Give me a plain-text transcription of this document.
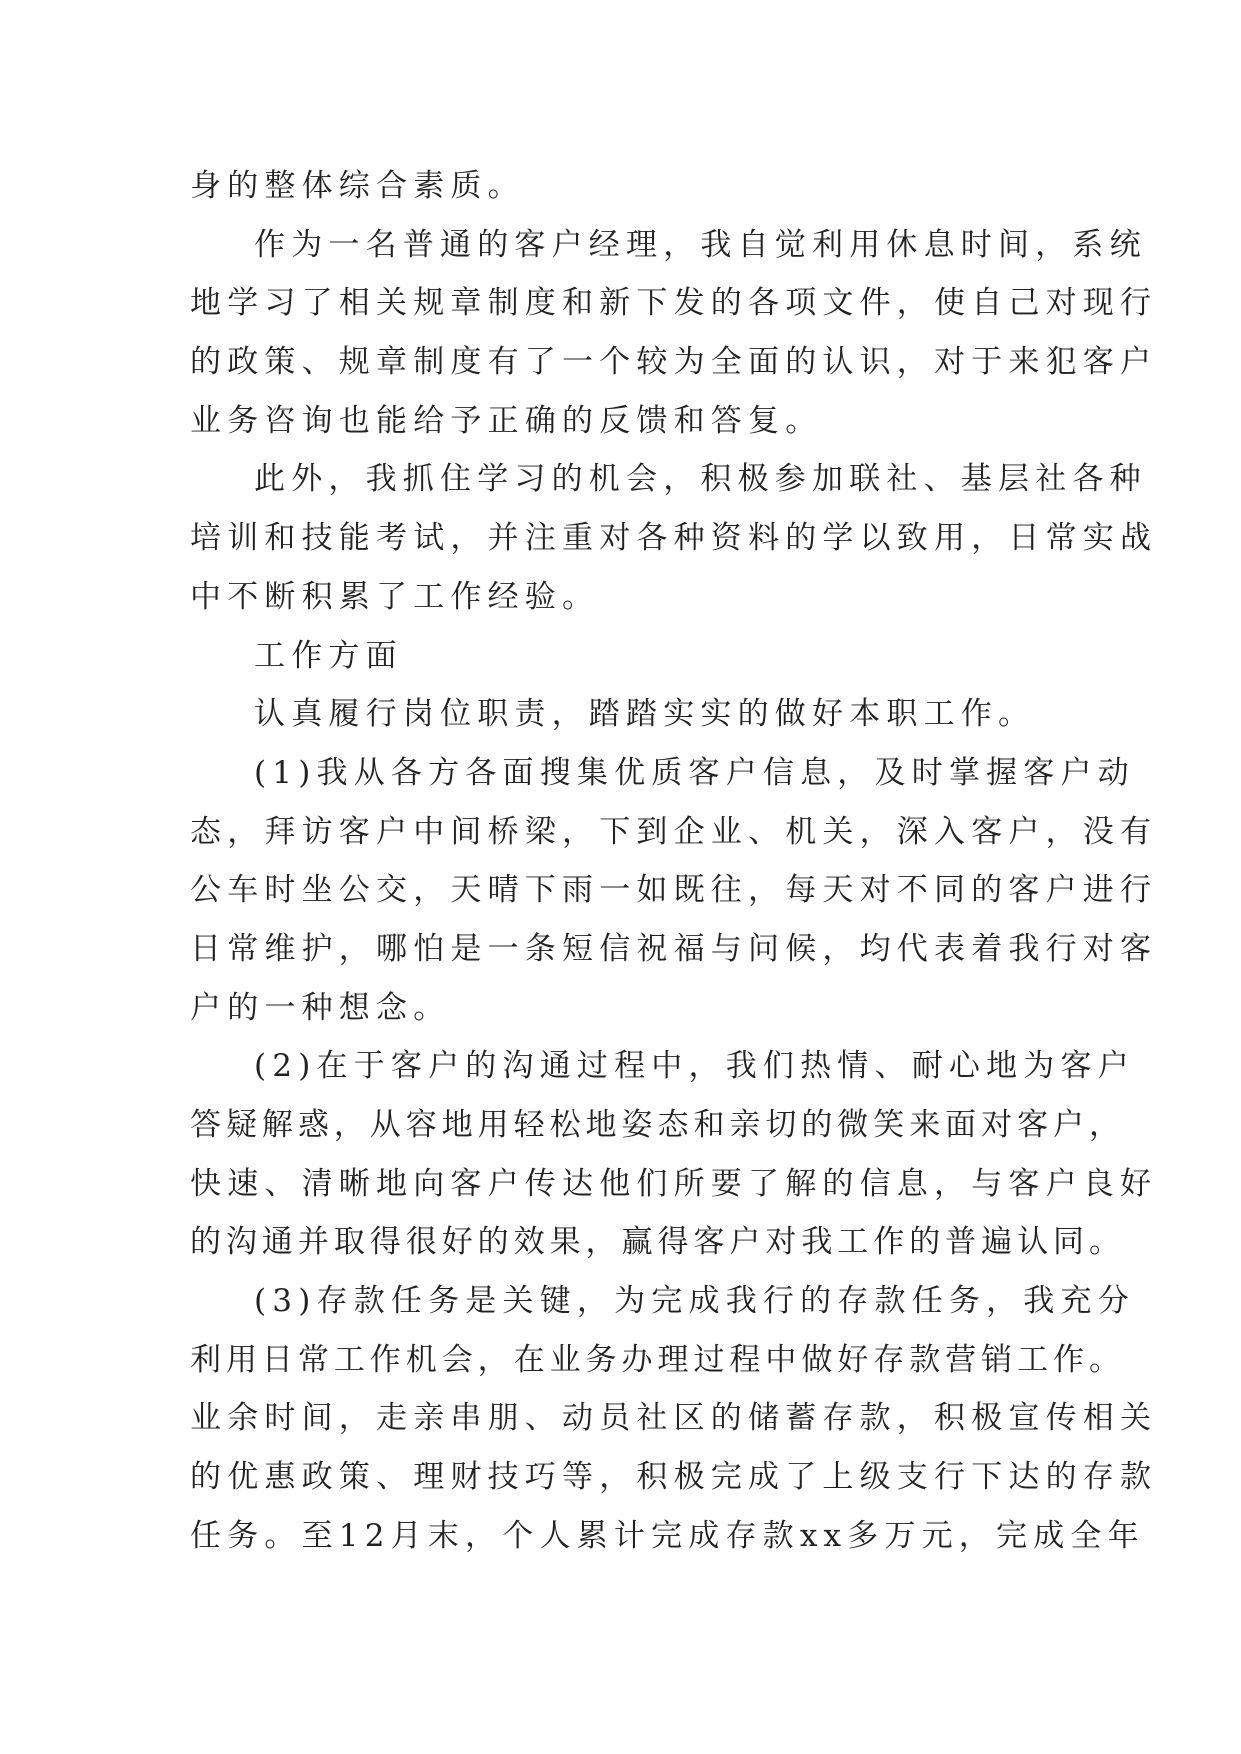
身的整体综合素质。
作为一名普通的客户经理，我自觉利用休息时间，系统
地学习了相关规章制度和新下发的各项文件，使自己对现行
的政策、规章制度有了一个较为全面的认识，对于来犯客户
业务咨询也能给予正确的反馈和答复。
此外，我抓住学习的机会，积极参加联社、基层社各种
培训和技能考试，并注重对各种资料的学以致用，日常实战
中不断积累了工作经验。
工作方面
认真履行岗位职责，踏踏实实的做好本职工作。
(1)我从各方各面搜集优质客户信息，及时掌握客户动
态，拜访客户中间桥梁，下到企业、机关，深入客户，没有
公车时坐公交，天晴下雨一如既往，每天对不同的客户进行
日常维护，哪怕是一条短信祝福与问候，均代表着我行对客
户的一种想念。
(2)在于客户的沟通过程中，我们热情、耐心地为客户
答疑解惑，从容地用轻松地姿态和亲切的微笑来面对客户，
快速、清晰地向客户传达他们所要了解的信息，与客户良好
的沟通并取得很好的效果，赢得客户对我工作的普遍认同。
(3)存款任务是关键，为完成我行的存款任务，我充分
利用日常工作机会，在业务办理过程中做好存款营销工作。
业余时间，走亲串朋、动员社区的储蓄存款，积极宣传相关
的优惠政策、理财技巧等，积极完成了上级支行下达的存款
任务。至12月末，个人累计完成存款xx多万元，完成全年
